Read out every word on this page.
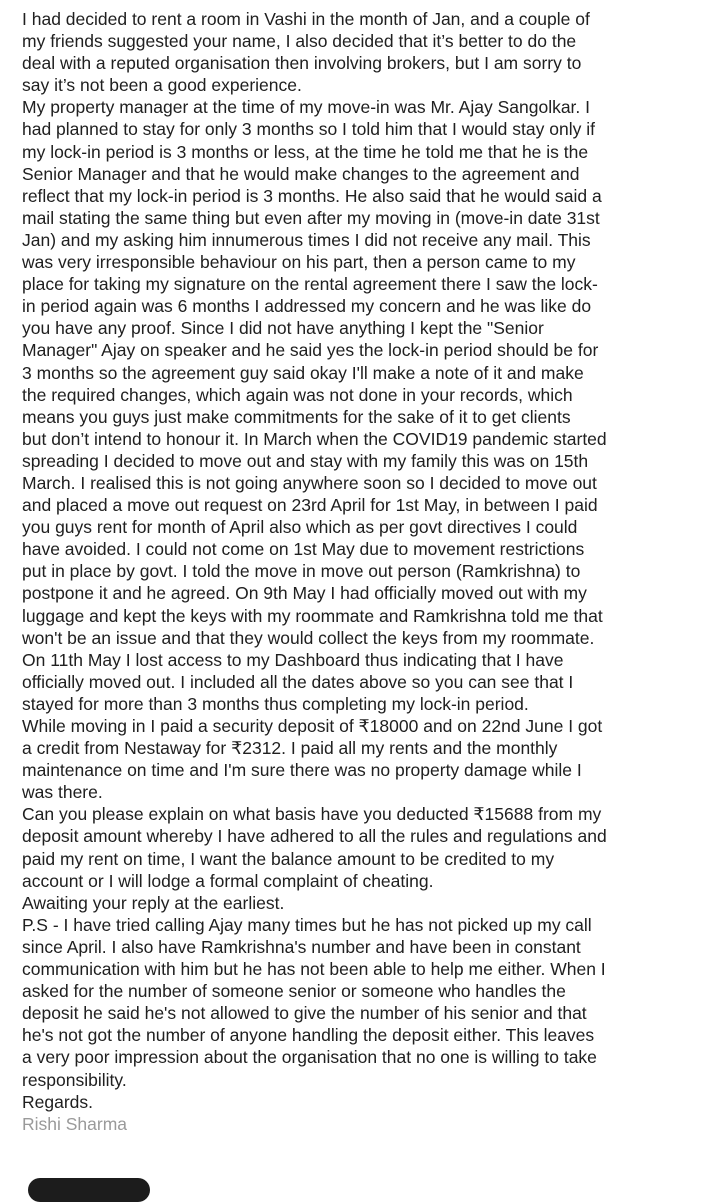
I had decided to rent a room in Vashi in the month of Jan, and a couple of
my friends suggested your name, I also decided that it’s better to do the
deal with a reputed organisation then involving brokers, but I am sorry to
say it’s not been a good experience.
My property manager at the time of my move-in was Mr. Ajay Sangolkar. I
had planned to stay for only 3 months so I told him that I would stay only if
my lock-in period is 3 months or less, at the time he told me that he is the
Senior Manager and that he would make changes to the agreement and
reflect that my lock-in period is 3 months. He also said that he would said a
mail stating the same thing but even after my moving in (move-in date 31st
Jan) and my asking him innumerous times I did not receive any mail. This
was very irresponsible behaviour on his part, then a person came to my
place for taking my signature on the rental agreement there I saw the lock-
in period again was 6 months I addressed my concern and he was like do
you have any proof. Since I did not have anything I kept the "Senior
Manager" Ajay on speaker and he said yes the lock-in period should be for
3 months so the agreement guy said okay I'll make a note of it and make
the required changes, which again was not done in your records, which
means you guys just make commitments for the sake of it to get clients
but don’t intend to honour it. In March when the COVID19 pandemic started
spreading I decided to move out and stay with my family this was on 15th
March. I realised this is not going anywhere soon so I decided to move out
and placed a move out request on 23rd April for 1st May, in between I paid
you guys rent for month of April also which as per govt directives I could
have avoided. I could not come on 1st May due to movement restrictions
put in place by govt. I told the move in move out person (Ramkrishna) to
postpone it and he agreed. On 9th May I had officially moved out with my
luggage and kept the keys with my roommate and Ramkrishna told me that
won't be an issue and that they would collect the keys from my roommate.
On 11th May I lost access to my Dashboard thus indicating that I have
officially moved out. I included all the dates above so you can see that I
stayed for more than 3 months thus completing my lock-in period.
While moving in I paid a security deposit of ₹18000 and on 22nd June I got
a credit from Nestaway for ₹2312. I paid all my rents and the monthly
maintenance on time and I'm sure there was no property damage while I
was there.
Can you please explain on what basis have you deducted ₹15688 from my
deposit amount whereby I have adhered to all the rules and regulations and
paid my rent on time, I want the balance amount to be credited to my
account or I will lodge a formal complaint of cheating.
Awaiting your reply at the earliest.
P.S - I have tried calling Ajay many times but he has not picked up my call
since April. I also have Ramkrishna's number and have been in constant
communication with him but he has not been able to help me either. When I
asked for the number of someone senior or someone who handles the
deposit he said he's not allowed to give the number of his senior and that
he's not got the number of anyone handling the deposit either. This leaves
a very poor impression about the organisation that no one is willing to take
responsibility.
Regards.
Rishi Sharma
